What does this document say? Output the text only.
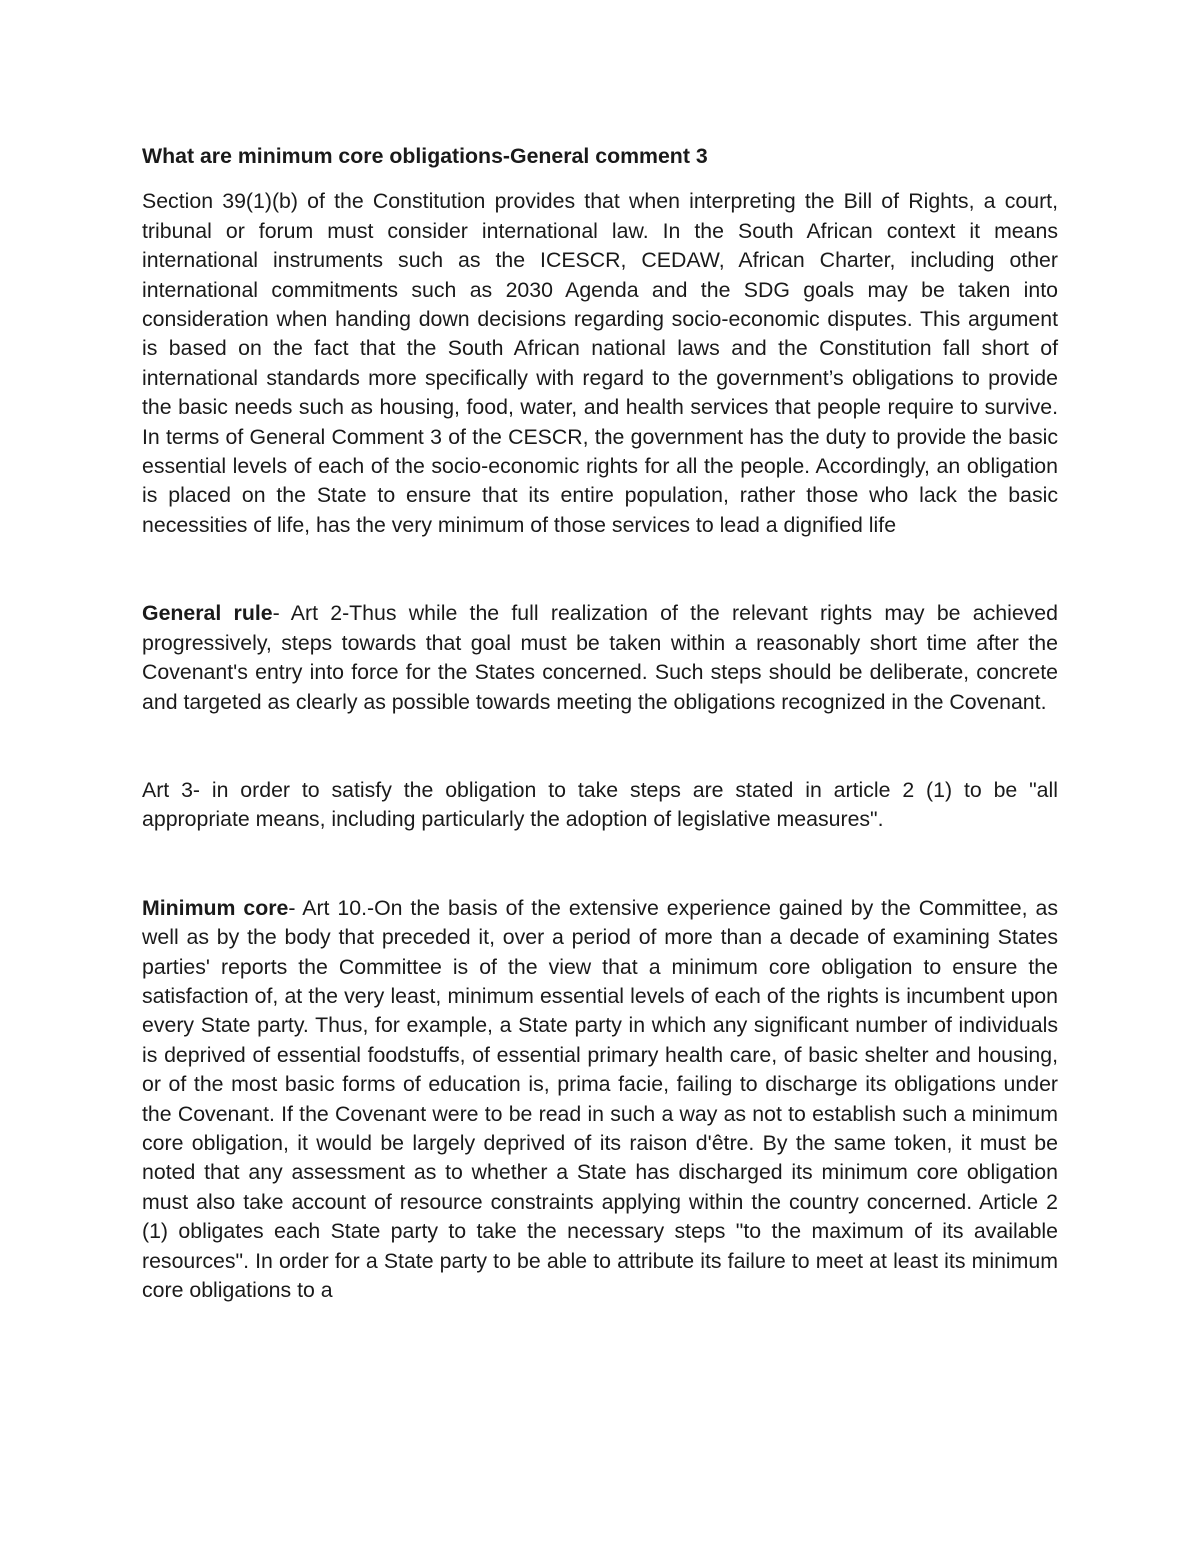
What are minimum core obligations-General comment 3

Section 39(1)(b) of the Constitution provides that when interpreting the Bill of Rights, a court, tribunal or forum must consider international law. In the South African context it means international instruments such as the ICESCR, CEDAW, African Charter, including other international commitments such as 2030 Agenda and the SDG goals may be taken into consideration when handing down decisions regarding socio-economic disputes. This argument is based on the fact that the South African national laws and the Constitution fall short of international standards more specifically with regard to the government’s obligations to provide the basic needs such as housing, food, water, and health services that people require to survive. In terms of General Comment 3 of the CESCR, the government has the duty to provide the basic essential levels of each of the socio-economic rights for all the people. Accordingly, an obligation is placed on the State to ensure that its entire population, rather those who lack the basic necessities of life, has the very minimum of those services to lead a dignified life

General rule- Art 2-Thus while the full realization of the relevant rights may be achieved progressively, steps towards that goal must be taken within a reasonably short time after the Covenant's entry into force for the States concerned. Such steps should be deliberate, concrete and targeted as clearly as possible towards meeting the obligations recognized in the Covenant.

Art 3- in order to satisfy the obligation to take steps are stated in article 2 (1) to be "all appropriate means, including particularly the adoption of legislative measures".

Minimum core- Art 10.-On the basis of the extensive experience gained by the Committee, as well as by the body that preceded it, over a period of more than a decade of examining States parties' reports the Committee is of the view that a minimum core obligation to ensure the satisfaction of, at the very least, minimum essential levels of each of the rights is incumbent upon every State party. Thus, for example, a State party in which any significant number of individuals is deprived of essential foodstuffs, of essential primary health care, of basic shelter and housing, or of the most basic forms of education is, prima facie, failing to discharge its obligations under the Covenant. If the Covenant were to be read in such a way as not to establish such a minimum core obligation, it would be largely deprived of its raison d'être. By the same token, it must be noted that any assessment as to whether a State has discharged its minimum core obligation must also take account of resource constraints applying within the country concerned. Article 2 (1) obligates each State party to take the necessary steps "to the maximum of its available resources". In order for a State party to be able to attribute its failure to meet at least its minimum core obligations to a
